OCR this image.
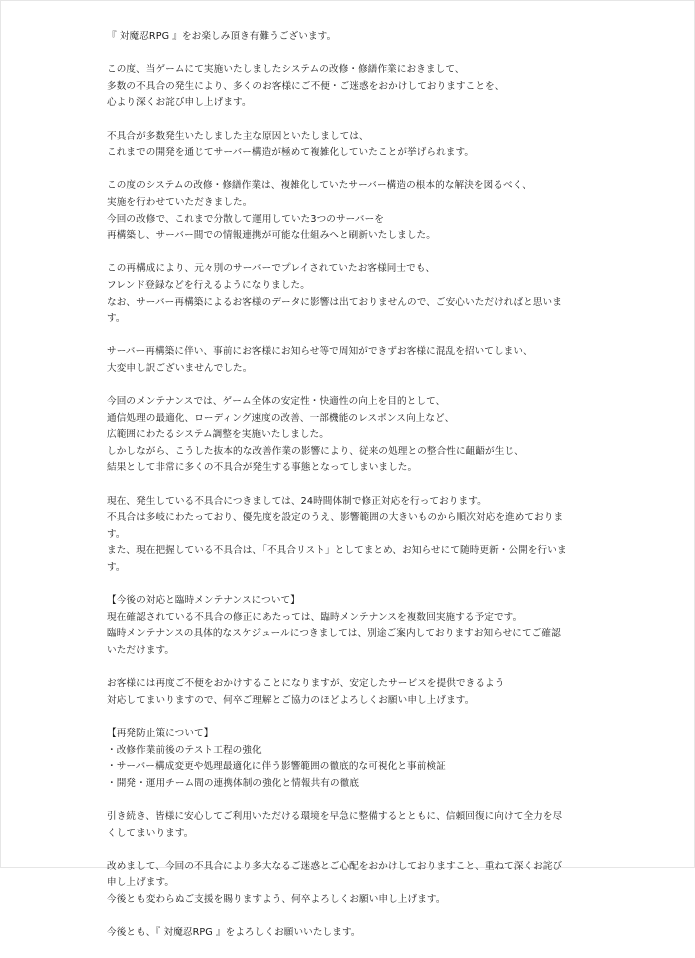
『 対魔忍RPG 』をお楽しみ頂き有難うございます。
この度、当ゲームにて実施いたしましたシステムの改修・修繕作業におきまして、
多数の不具合の発生により、多くのお客様にご不便・ご迷惑をおかけしておりますことを、
心より深くお詫び申し上げます。
不具合が多数発生いたしました主な原因といたしましては、
これまでの開発を通じてサーバー構造が極めて複雑化していたことが挙げられます。
この度のシステムの改修・修繕作業は、複雑化していたサーバー構造の根本的な解決を図るべく、
実施を行わせていただきました。
今回の改修で、これまで分散して運用していた3つのサーバーを
再構築し、サーバー間での情報連携が可能な仕組みへと刷新いたしました。
この再構成により、元々別のサーバーでプレイされていたお客様同士でも、
フレンド登録などを行えるようになりました。
なお、サーバー再構築によるお客様のデータに影響は出ておりませんので、ご安心いただければと思いま
す。
サーバー再構築に伴い、事前にお客様にお知らせ等で周知ができずお客様に混乱を招いてしまい、
大変申し訳ございませんでした。
今回のメンテナンスでは、ゲーム全体の安定性・快適性の向上を目的として、
通信処理の最適化、ローディング速度の改善、一部機能のレスポンス向上など、
広範囲にわたるシステム調整を実施いたしました。
しかしながら、こうした抜本的な改善作業の影響により、従来の処理との整合性に齟齬が生じ、
結果として非常に多くの不具合が発生する事態となってしまいました。
現在、発生している不具合につきましては、24時間体制で修正対応を行っております。
不具合は多岐にわたっており、優先度を設定のうえ、影響範囲の大きいものから順次対応を進めておりま
す。
また、現在把握している不具合は、「不具合リスト」としてまとめ、お知らせにて随時更新・公開を行いま
す。
【今後の対応と臨時メンテナンスについて】
現在確認されている不具合の修正にあたっては、臨時メンテナンスを複数回実施する予定です。
臨時メンテナンスの具体的なスケジュールにつきましては、別途ご案内しておりますお知らせにてご確認
いただけます。
お客様には再度ご不便をおかけすることになりますが、安定したサービスを提供できるよう
対応してまいりますので、何卒ご理解とご協力のほどよろしくお願い申し上げます。
【再発防止策について】
・改修作業前後のテスト工程の強化
・サーバー構成変更や処理最適化に伴う影響範囲の徹底的な可視化と事前検証
・開発・運用チーム間の連携体制の強化と情報共有の徹底
引き続き、皆様に安心してご利用いただける環境を早急に整備するとともに、信頼回復に向けて全力を尽
くしてまいります。
改めまして、今回の不具合により多大なるご迷惑とご心配をおかけしておりますこと、重ねて深くお詫び
申し上げます。
今後とも変わらぬご支援を賜りますよう、何卒よろしくお願い申し上げます。
今後とも、『 対魔忍RPG 』をよろしくお願いいたします。
